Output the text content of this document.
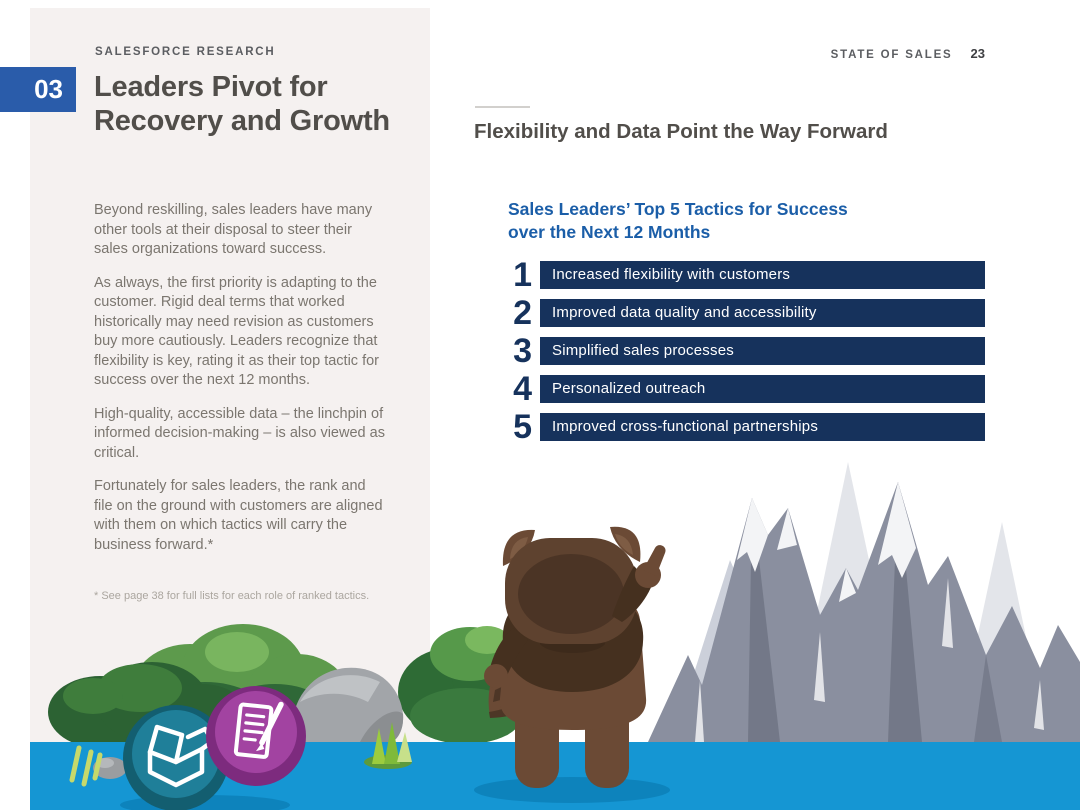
SALESFORCE RESEARCH
03	Leaders Pivot for
Recovery and Growth

Beyond reskilling, sales leaders have many other tools at their disposal to steer their sales organizations toward success.

As always, the first priority is adapting to the customer. Rigid deal terms that worked historically may need revision as customers buy more cautiously. Leaders recognize that flexibility is key, rating it as their top tactic for success over the next 12 months.

High-quality, accessible data – the linchpin of informed decision-making – is also viewed as critical.

Fortunately for sales leaders, the rank and file on the ground with customers are aligned with them on which tactics will carry the business forward.*

* See page 38 for full lists for each role of ranked tactics.
STATE OF SALES 23
Flexibility and Data Point the Way Forward
Sales Leaders’ Top 5 Tactics for Success
over the Next 12 Months
1	Increased flexibility with customers
2	Improved data quality and accessibility
3	Simplified sales processes
4	Personalized outreach
5	Improved cross-functional partnerships
